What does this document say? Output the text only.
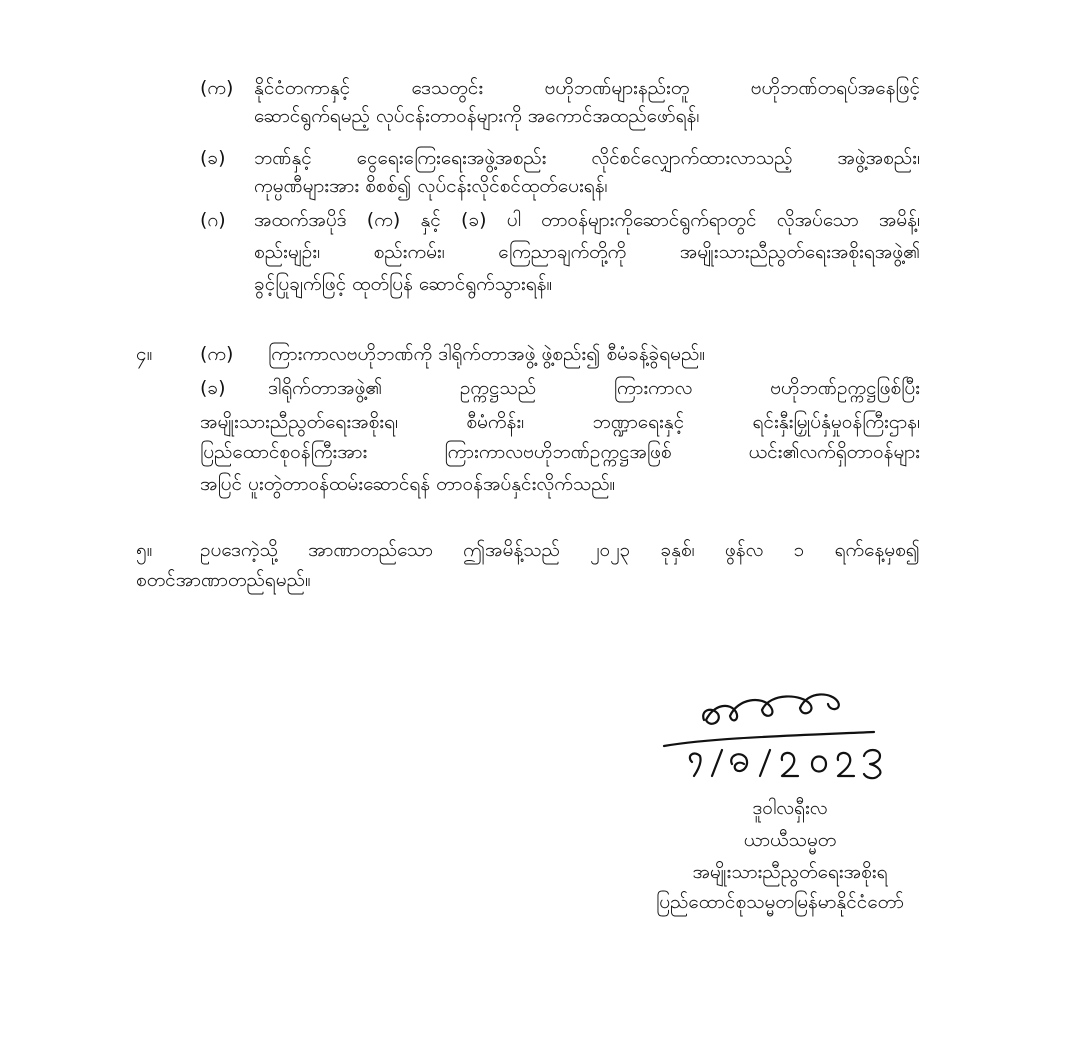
(က) နိုင်ငံတကာနှင့် ဒေသတွင်း ဗဟိုဘဏ်များနည်းတူ ဗဟိုဘဏ်တရပ်အနေဖြင့်
ဆောင်ရွက်ရမည့် လုပ်ငန်းတာဝန်များကို အကောင်အထည်ဖော်ရန်၊
(ခ) ဘဏ်နှင့် ငွေရေးကြေးရေးအဖွဲ့အစည်း လိုင်စင်လျှောက်ထားလာသည့် အဖွဲ့အစည်း၊
ကုမ္ပဏီများအား စိစစ်၍ လုပ်ငန်းလိုင်စင်ထုတ်ပေးရန်၊
(ဂ) အထက်အပိုဒ် (က) နှင့် (ခ) ပါ တာဝန်များကိုဆောင်ရွက်ရာတွင် လိုအပ်သော အမိန့်၊
စည်းမျဉ်း၊ စည်းကမ်း၊ ကြေညာချက်တို့ကို အမျိုးသားညီညွတ်ရေးအစိုးရအဖွဲ့၏
ခွင့်ပြုချက်ဖြင့် ထုတ်ပြန် ဆောင်ရွက်သွားရန်။
၄။	(က) ကြားကာလဗဟိုဘဏ်ကို ဒါရိုက်တာအဖွဲ့ ဖွဲ့စည်း၍ စီမံခန့်ခွဲရမည်။
(ခ) ဒါရိုက်တာအဖွဲ့၏ ဥက္ကဋ္ဌသည် ကြားကာလ ဗဟိုဘဏ်ဥက္ကဋ္ဌဖြစ်ပြီး
အမျိုးသားညီညွတ်ရေးအစိုးရ၊ စီမံကိန်း၊ ဘဏ္ဍာရေးနှင့် ရင်းနှီးမြှုပ်နှံမှုဝန်ကြီးဌာန၊
ပြည်ထောင်စုဝန်ကြီးအား ကြားကာလဗဟိုဘဏ်ဥက္ကဋ္ဌအဖြစ် ယင်း၏လက်ရှိတာဝန်များ
အပြင် ပူးတွဲတာဝန်ထမ်းဆောင်ရန် တာဝန်အပ်နှင်းလိုက်သည်။
၅။	ဥပဒေကဲ့သို့ အာဏာတည်သော ဤအမိန့်သည် ၂၀၂၃ ခုနှစ်၊ ဖွန်လ ၁ ရက်နေ့မှစ၍
စတင်အာဏာတည်ရမည်။
ဒူဝါလရှီးလ
ယာယီသမ္မတ
အမျိုးသားညီညွတ်ရေးအစိုးရ
ပြည်ထောင်စုသမ္မတမြန်မာနိုင်ငံတော်
